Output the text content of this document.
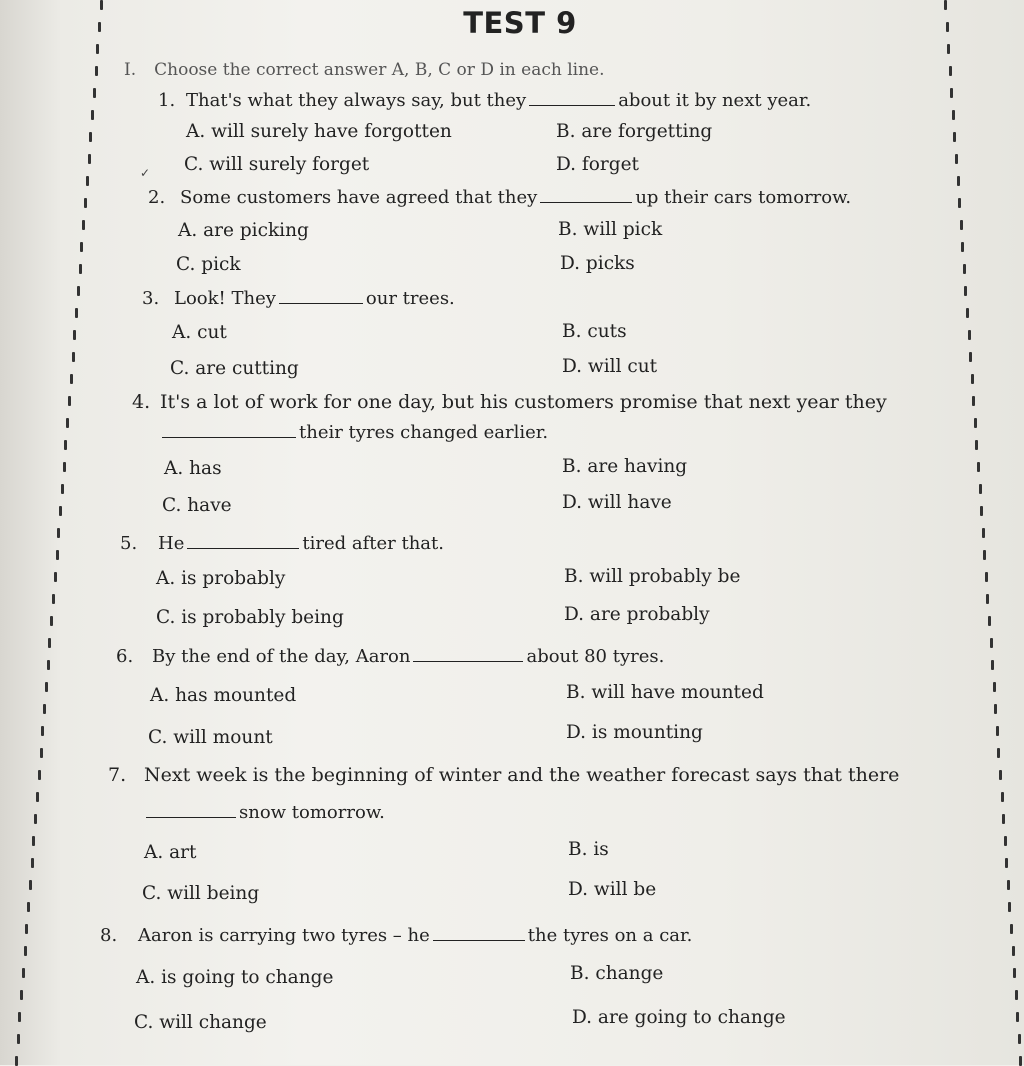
TEST 9
I. Choose the correct answer A, B, C or D in each line.
1. That's what they always say, but they	about it by next year.
A. will surely have forgotten	B. are forgetting
✓ C. will surely forget	D. forget
2. Some customers have agreed that they	up their cars tomorrow.
A. are picking	B. will pick
C. pick	D. picks
3. Look! They	our trees.
A. cut	B. cuts
C. are cutting	D. will cut
4. It's a lot of work for one day, but his customers promise that next year they
their tyres changed earlier.
A. has	B. are having
C. have	D. will have
5. He	tired after that.
A. is probably	B. will probably be
C. is probably being	D. are probably
6. By the end of the day, Aaron	about 80 tyres.
A. has mounted	B. will have mounted
C. will mount	D. is mounting
7. Next week is the beginning of winter and the weather forecast says that there
snow tomorrow.
A. art	B. is
C. will being	D. will be
8. Aaron is carrying two tyres – he	the tyres on a car.
A. is going to change	B. change
C. will change	D. are going to change
